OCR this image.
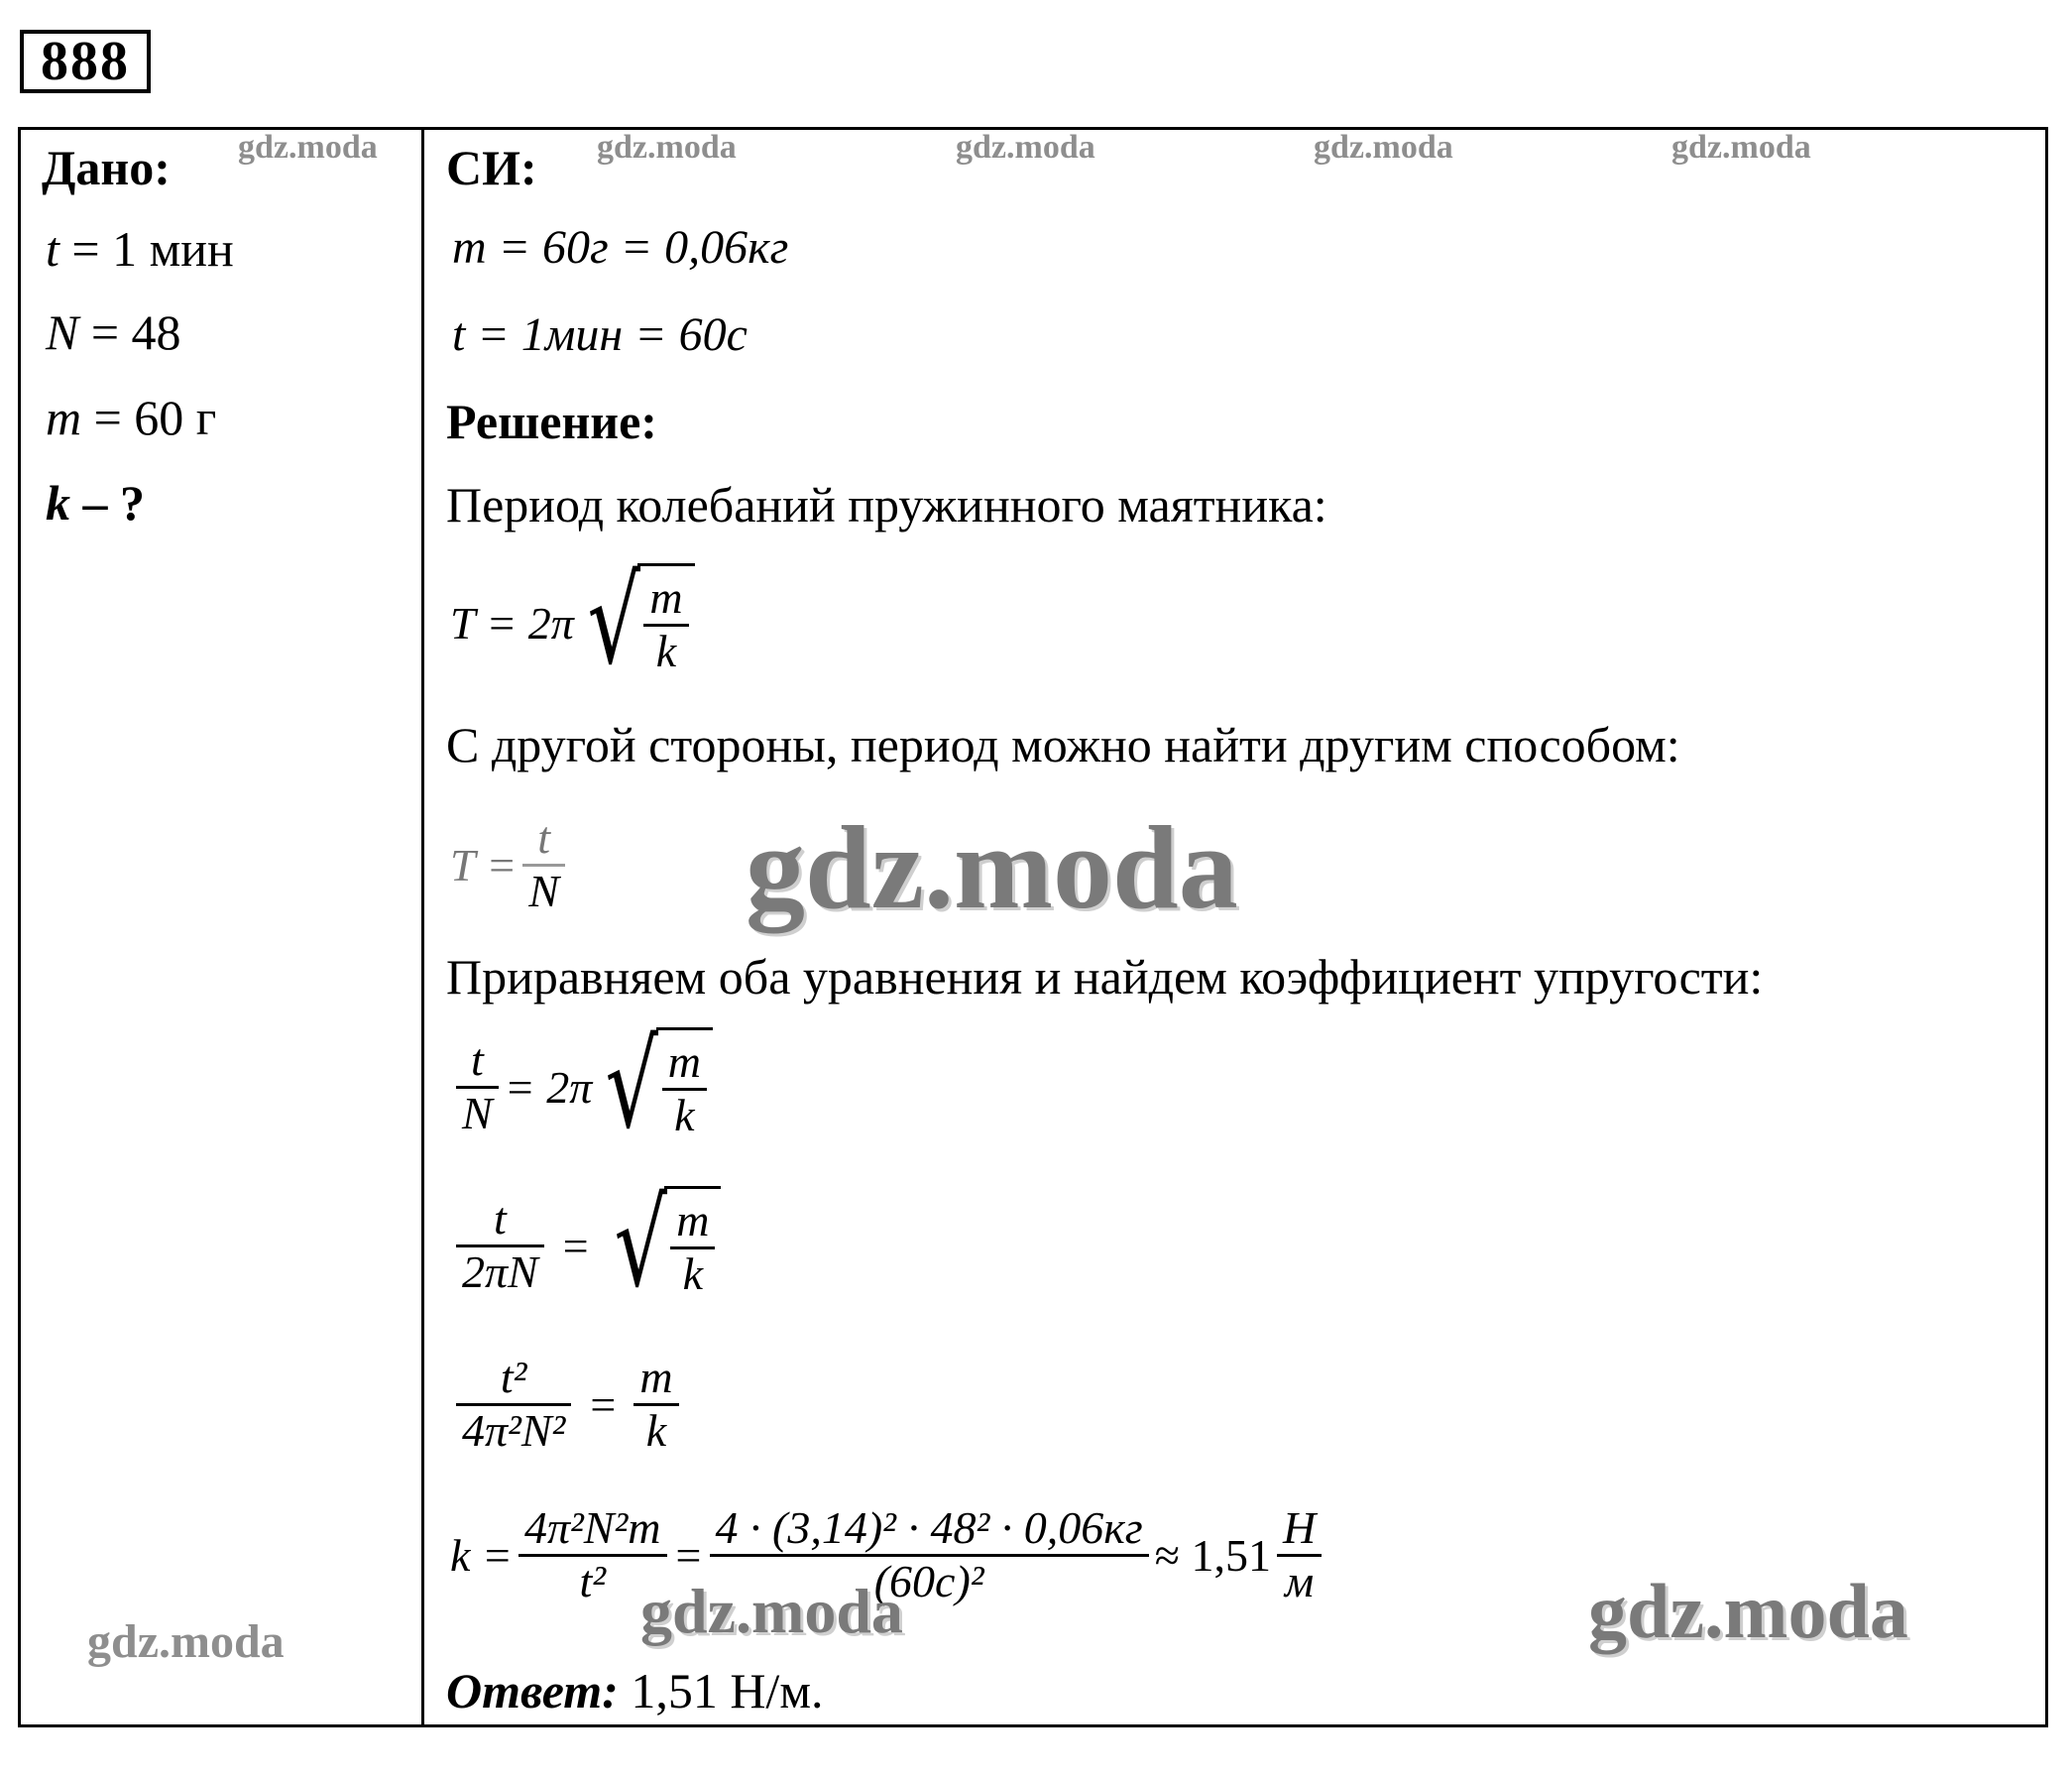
888
Дано:
t = 1 мин
N = 48
m = 60 г
k – ?
СИ:
m = 60г = 0,06кг
t = 1мин = 60с
Решение:
Период колебаний пружинного маятника:
T = 2π √ $\frac{m}{k}$
С другой стороны, период можно найти другим способом:
$T = \frac{t}{N}$
Приравняем оба уравнения и найдем коэффициент упругости:
$\frac{t}{N} = 2\pi$ √ $\frac{m}{k}$
$\frac{t}{2\pi N}$ = √ $\frac{m}{k}$
$\frac{\text{t²}}{\text{4π²N²}} = \frac{m}{k}$
$k = \frac{\text{4π²N²m}}{\text{t²}} = \frac{\text{4 · (3,14)² · 48² · 0,06кг}}{\text{(60с)²}} \approx 1,51 \frac{Н}{м}$
Ответ: 1,51 Н/м.
gdz.moda	gdz.moda	gdz.moda	gdz.moda	gdz.moda
gdz.moda
gdz.moda	gdz.moda	gdz.moda
